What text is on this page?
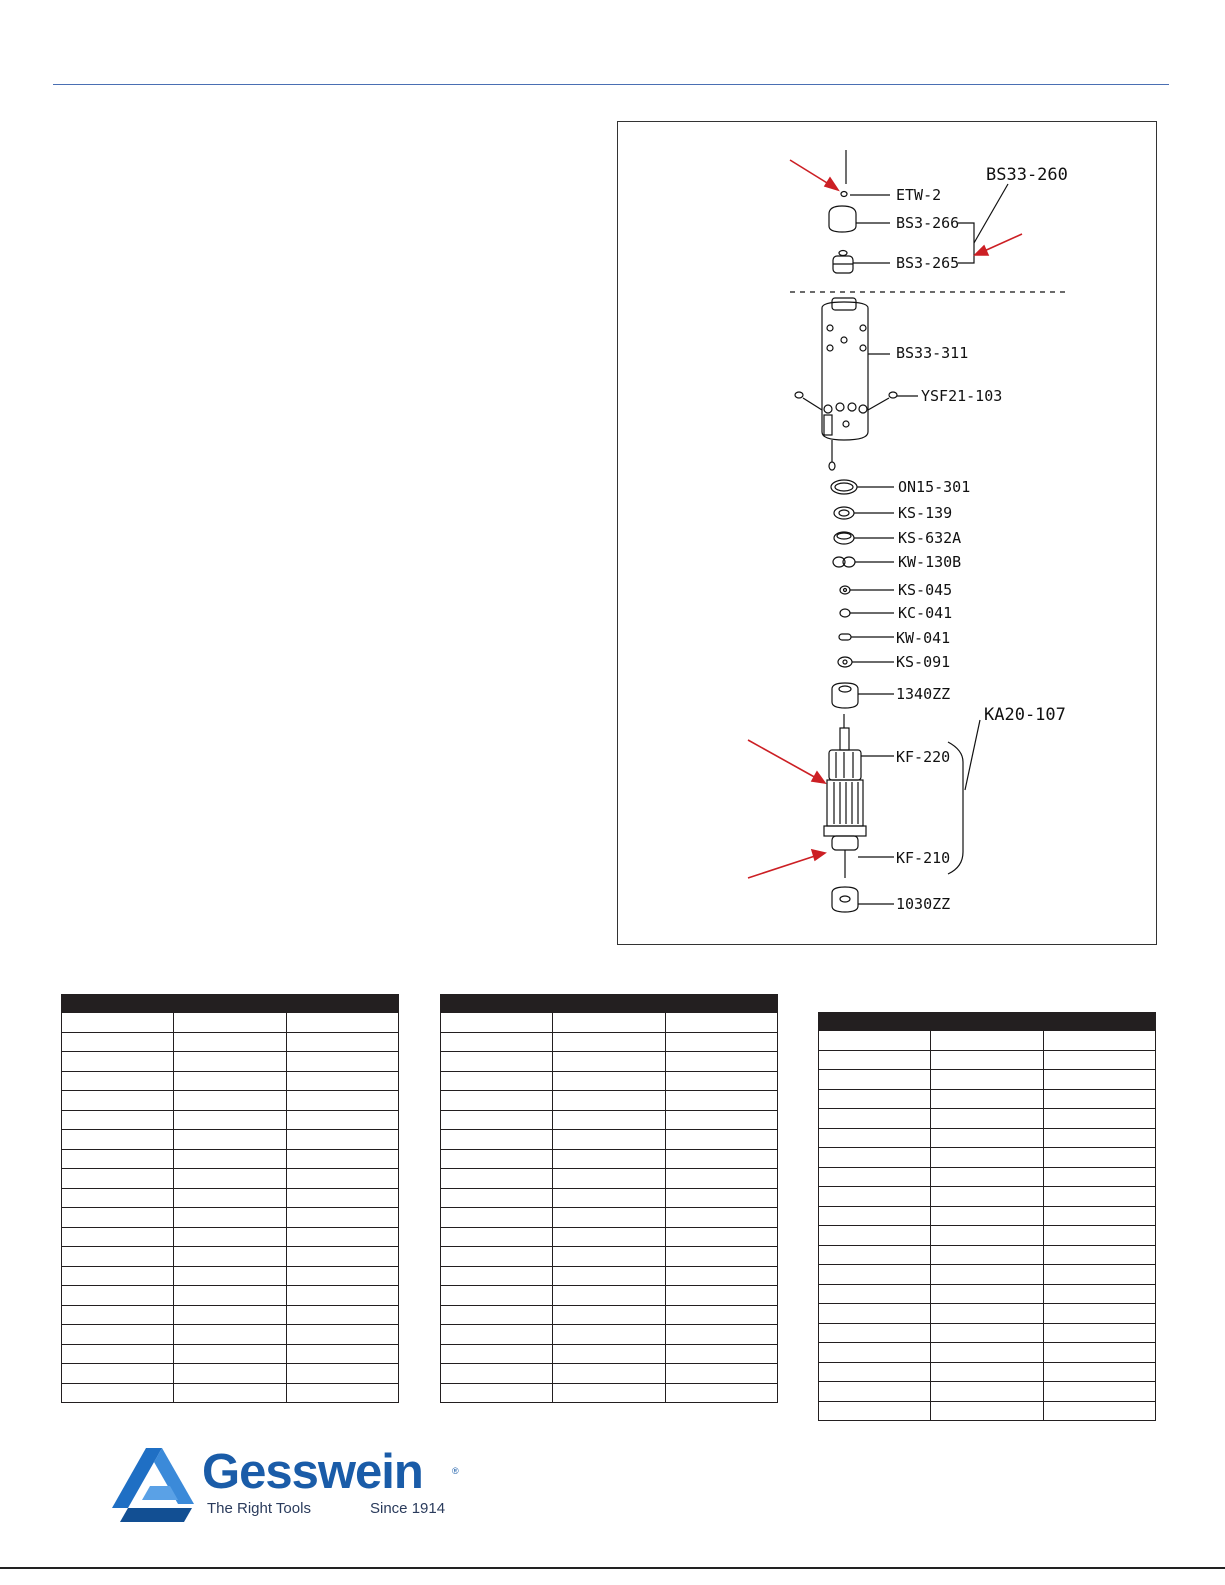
BS33-260
KA20-107
ETW-2
BS3-266
BS3-265
BS33-311
YSF21-103
ON15-301
KS-139
KS-632A
KW-130B
KS-045
KC-041
KW-041
KS-091
1340ZZ
KF-220
KF-210
1030ZZ

Gesswein	®
The Right Tools	Since 1914
